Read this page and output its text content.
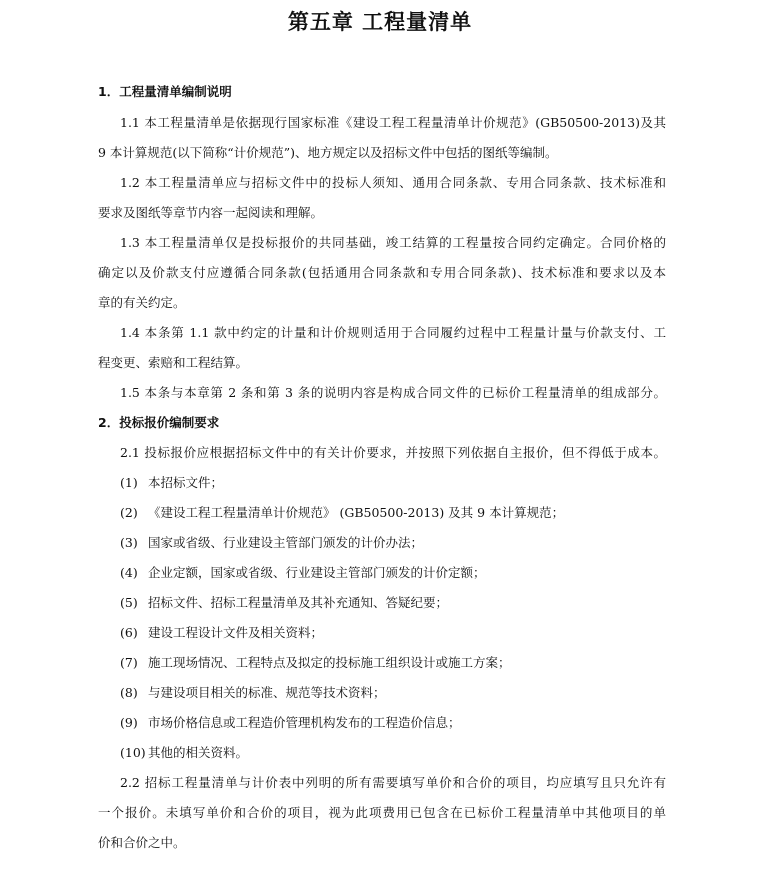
第五章 工程量清单
1．工程量清单编制说明
1.1 本工程量清单是依据现行国家标准《建设工程工程量清单计价规范》(GB50500-2013)及其
9 本计算规范(以下简称“计价规范”)、地方规定以及招标文件中包括的图纸等编制。
1.2 本工程量清单应与招标文件中的投标人须知、通用合同条款、专用合同条款、技术标准和
要求及图纸等章节内容一起阅读和理解。
1.3 本工程量清单仅是投标报价的共同基础，竣工结算的工程量按合同约定确定。合同价格的
确定以及价款支付应遵循合同条款(包括通用合同条款和专用合同条款)、技术标准和要求以及本
章的有关约定。
1.4 本条第 1.1 款中约定的计量和计价规则适用于合同履约过程中工程量计量与价款支付、工
程变更、索赔和工程结算。
1.5 本条与本章第 2 条和第 3 条的说明内容是构成合同文件的已标价工程量清单的组成部分。
2．投标报价编制要求
2.1 投标报价应根据招标文件中的有关计价要求，并按照下列依据自主报价，但不得低于成本。
(1) 本招标文件；
(2) 《建设工程工程量清单计价规范》 (GB50500-2013) 及其 9 本计算规范；
(3) 国家或省级、行业建设主管部门颁发的计价办法；
(4) 企业定额，国家或省级、行业建设主管部门颁发的计价定额；
(5) 招标文件、招标工程量清单及其补充通知、答疑纪要；
(6) 建设工程设计文件及相关资料；
(7) 施工现场情况、工程特点及拟定的投标施工组织设计或施工方案；
(8) 与建设项目相关的标准、规范等技术资料；
(9) 市场价格信息或工程造价管理机构发布的工程造价信息；
(10) 其他的相关资料。
2.2 招标工程量清单与计价表中列明的所有需要填写单价和合价的项目，均应填写且只允许有
一个报价。未填写单价和合价的项目，视为此项费用已包含在已标价工程量清单中其他项目的单
价和合价之中。
